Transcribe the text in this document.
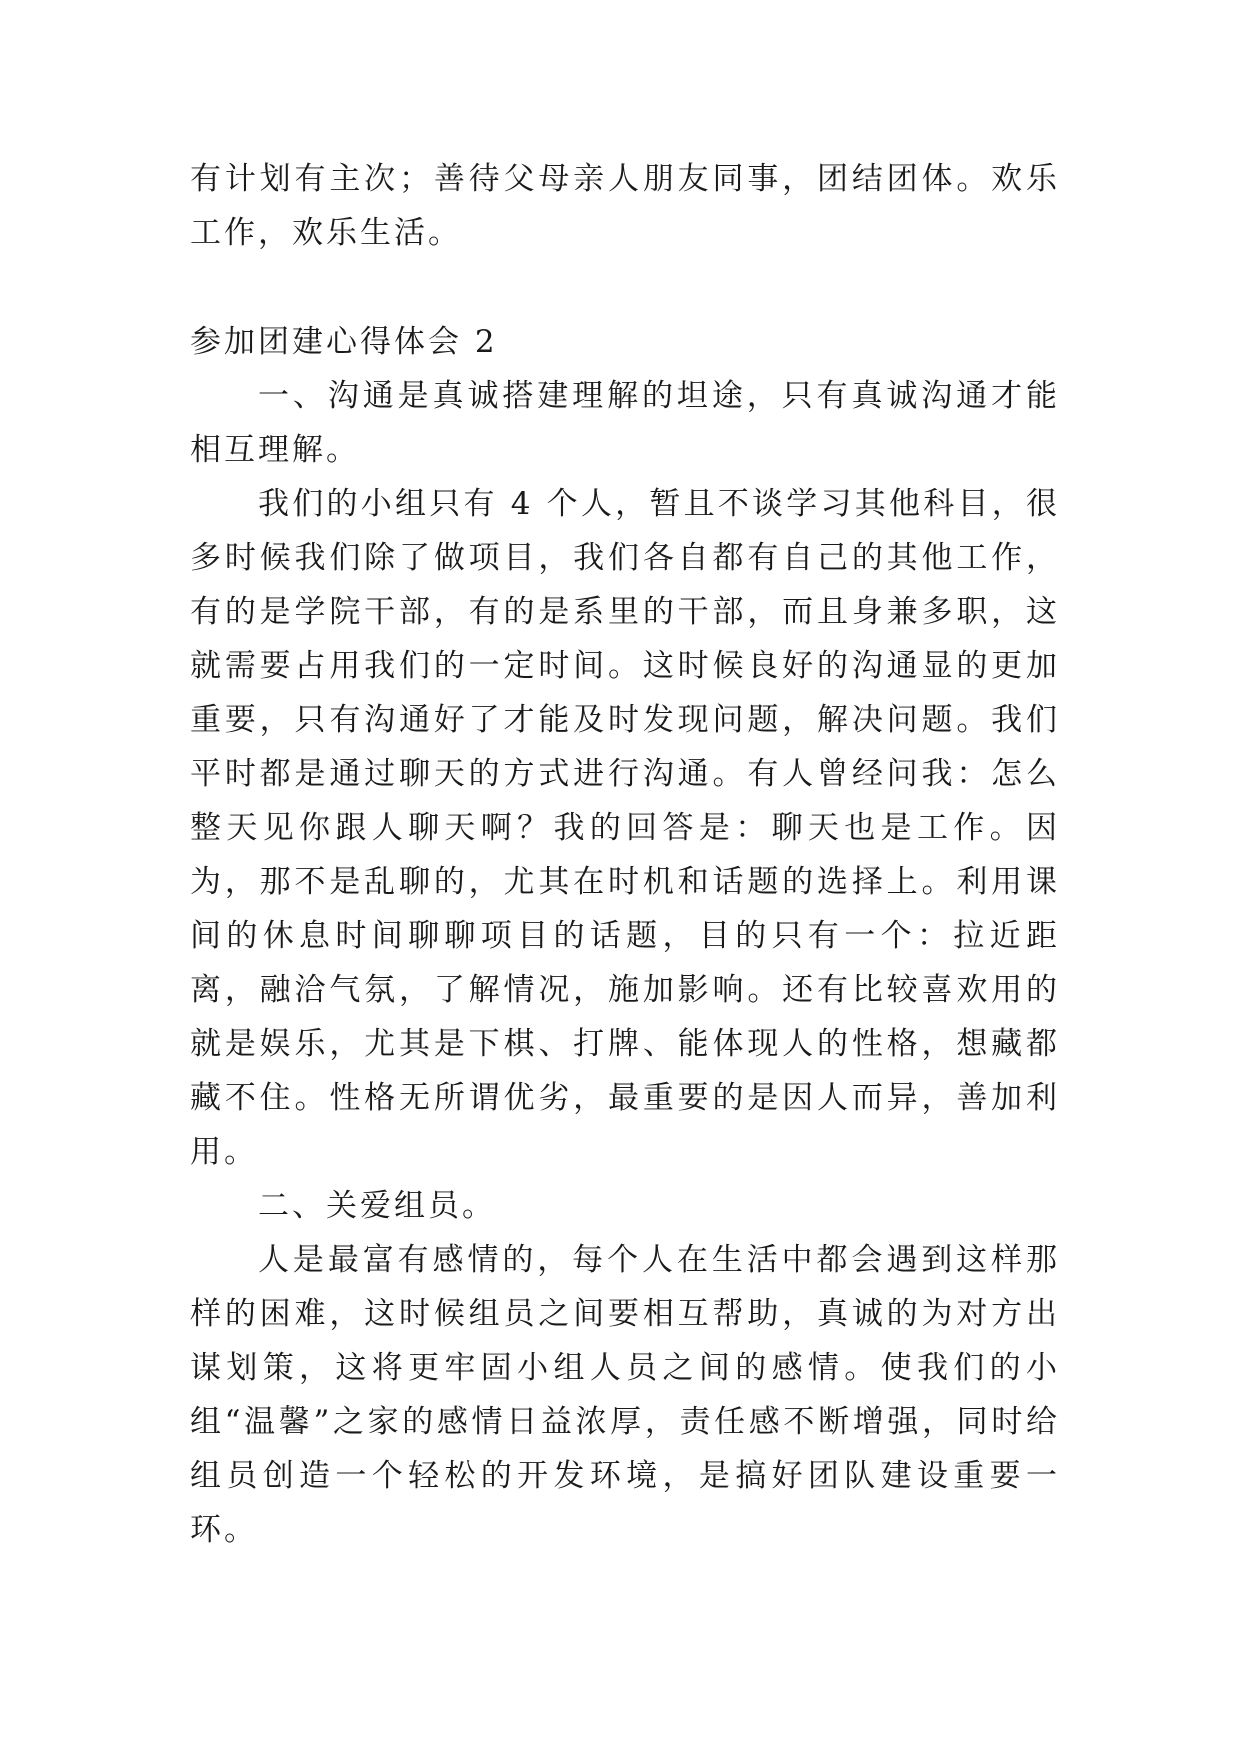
有计划有主次；善待父母亲人朋友同事，团结团体。欢乐工作，欢乐生活。

参加团建心得体会 2

一、沟通是真诚搭建理解的坦途，只有真诚沟通才能相互理解。

我们的小组只有 4 个人，暂且不谈学习其他科目，很多时候我们除了做项目，我们各自都有自己的其他工作，有的是学院干部，有的是系里的干部，而且身兼多职，这就需要占用我们的一定时间。这时候良好的沟通显的更加重要，只有沟通好了才能及时发现问题，解决问题。我们平时都是通过聊天的方式进行沟通。有人曾经问我：怎么整天见你跟人聊天啊？我的回答是：聊天也是工作。因为，那不是乱聊的，尤其在时机和话题的选择上。利用课间的休息时间聊聊项目的话题，目的只有一个：拉近距离，融洽气氛，了解情况，施加影响。还有比较喜欢用的就是娱乐，尤其是下棋、打牌、能体现人的性格，想藏都藏不住。性格无所谓优劣，最重要的是因人而异，善加利用。

二、关爱组员。

人是最富有感情的，每个人在生活中都会遇到这样那样的困难，这时候组员之间要相互帮助，真诚的为对方出谋划策，这将更牢固小组人员之间的感情。使我们的小组“温馨”之家的感情日益浓厚，责任感不断增强，同时给组员创造一个轻松的开发环境，是搞好团队建设重要一环。
